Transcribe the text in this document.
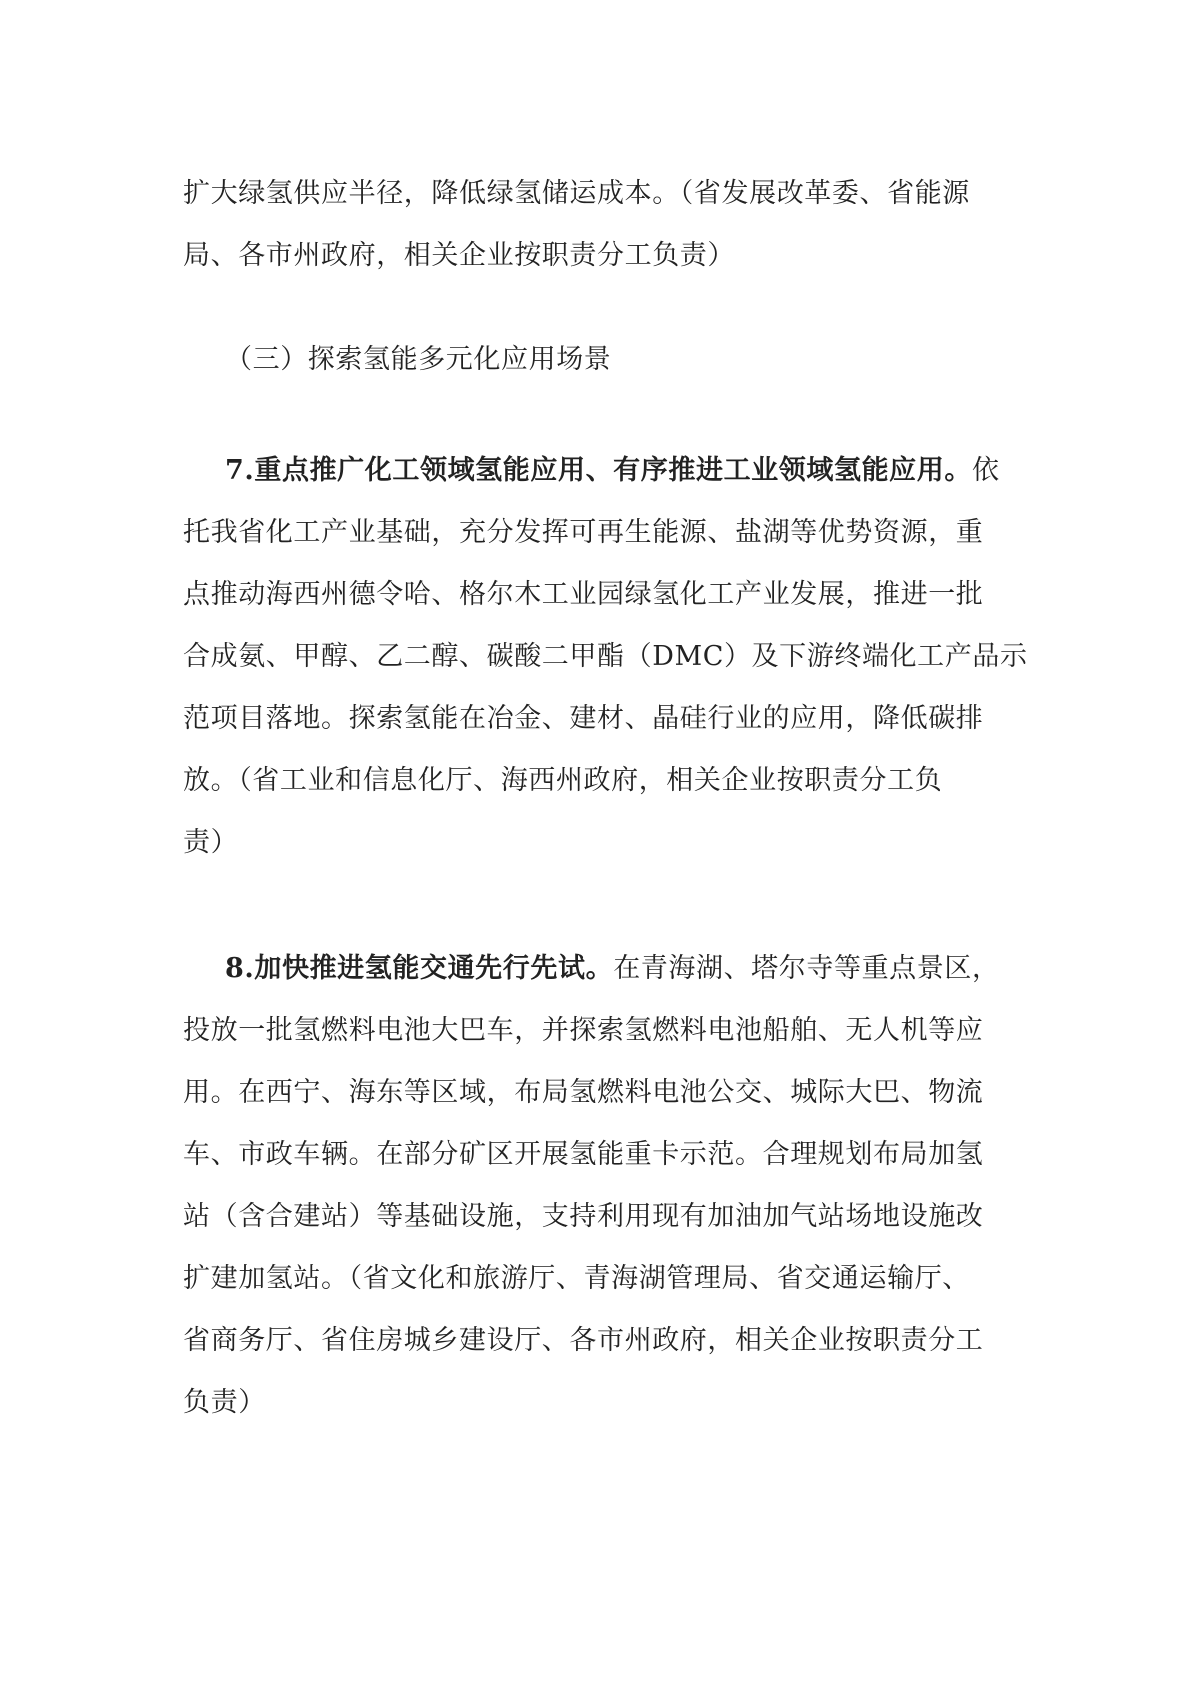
扩大绿氢供应半径，降低绿氢储运成本。（省发展改革委、省能源
局、各市州政府，相关企业按职责分工负责）
（三）探索氢能多元化应用场景
7.重点推广化工领域氢能应用、有序推进工业领域氢能应用。依
托我省化工产业基础，充分发挥可再生能源、盐湖等优势资源，重
点推动海西州德令哈、格尔木工业园绿氢化工产业发展，推进一批
合成氨、甲醇、乙二醇、碳酸二甲酯（DMC）及下游终端化工产品示
范项目落地。探索氢能在冶金、建材、晶硅行业的应用，降低碳排
放。（省工业和信息化厅、海西州政府，相关企业按职责分工负
责）
8.加快推进氢能交通先行先试。在青海湖、塔尔寺等重点景区，
投放一批氢燃料电池大巴车，并探索氢燃料电池船舶、无人机等应
用。在西宁、海东等区域，布局氢燃料电池公交、城际大巴、物流
车、市政车辆。在部分矿区开展氢能重卡示范。合理规划布局加氢
站（含合建站）等基础设施，支持利用现有加油加气站场地设施改
扩建加氢站。（省文化和旅游厅、青海湖管理局、省交通运输厅、
省商务厅、省住房城乡建设厅、各市州政府，相关企业按职责分工
负责）
